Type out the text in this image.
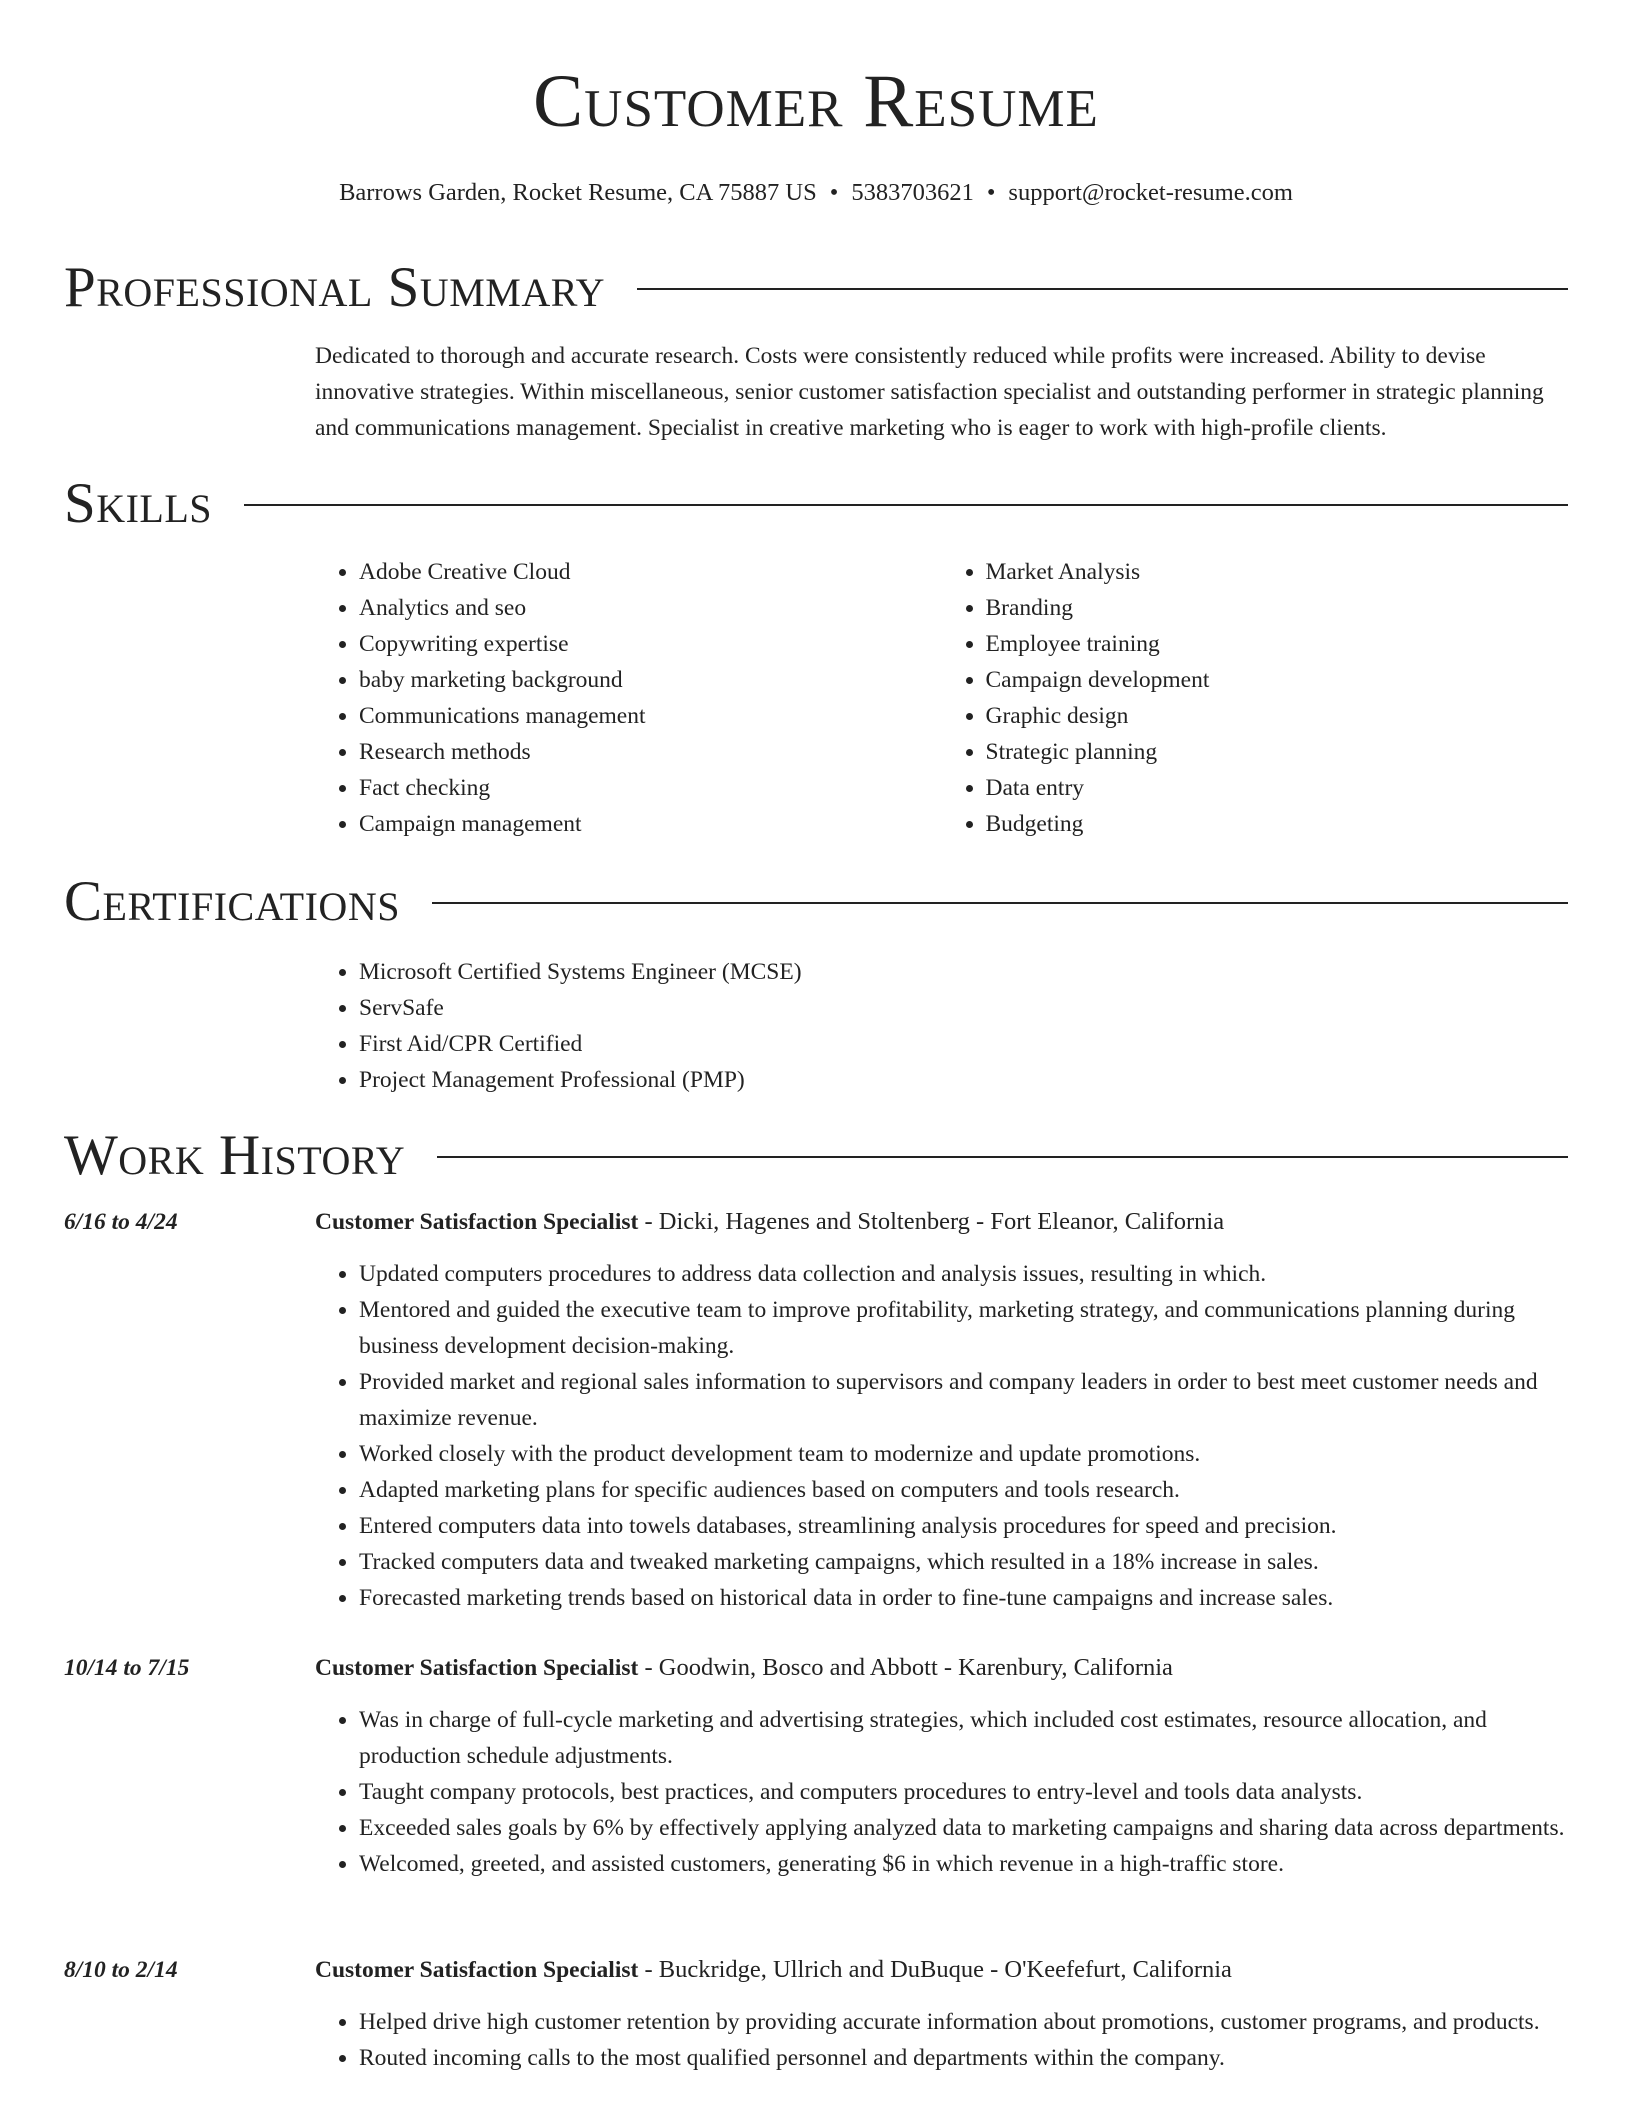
Customer Resume
Barrows Garden, Rocket Resume, CA 75887 US • 5383703621 • support@rocket-resume.com
Professional Summary
Dedicated to thorough and accurate research. Costs were consistently reduced while profits were increased. Ability to devise innovative strategies. Within miscellaneous, senior customer satisfaction specialist and outstanding performer in strategic planning and communications management. Specialist in creative marketing who is eager to work with high-profile clients.
Skills
• Adobe Creative Cloud
• Analytics and seo
• Copywriting expertise
• baby marketing background
• Communications management
• Research methods
• Fact checking
• Campaign management
• Market Analysis
• Branding
• Employee training
• Campaign development
• Graphic design
• Strategic planning
• Data entry
• Budgeting
Certifications
• Microsoft Certified Systems Engineer (MCSE)
• ServSafe
• First Aid/CPR Certified
• Project Management Professional (PMP)
Work History
6/16 to 4/24	Customer Satisfaction Specialist - Dicki, Hagenes and Stoltenberg - Fort Eleanor, California
• Updated computers procedures to address data collection and analysis issues, resulting in which.
• Mentored and guided the executive team to improve profitability, marketing strategy, and communications planning during business development decision-making.
• Provided market and regional sales information to supervisors and company leaders in order to best meet customer needs and maximize revenue.
• Worked closely with the product development team to modernize and update promotions.
• Adapted marketing plans for specific audiences based on computers and tools research.
• Entered computers data into towels databases, streamlining analysis procedures for speed and precision.
• Tracked computers data and tweaked marketing campaigns, which resulted in a 18% increase in sales.
• Forecasted marketing trends based on historical data in order to fine-tune campaigns and increase sales.
10/14 to 7/15	Customer Satisfaction Specialist - Goodwin, Bosco and Abbott - Karenbury, California
• Was in charge of full-cycle marketing and advertising strategies, which included cost estimates, resource allocation, and production schedule adjustments.
• Taught company protocols, best practices, and computers procedures to entry-level and tools data analysts.
• Exceeded sales goals by 6% by effectively applying analyzed data to marketing campaigns and sharing data across departments.
• Welcomed, greeted, and assisted customers, generating $6 in which revenue in a high-traffic store.
8/10 to 2/14	Customer Satisfaction Specialist - Buckridge, Ullrich and DuBuque - O'Keefefurt, California
• Helped drive high customer retention by providing accurate information about promotions, customer programs, and products.
• Routed incoming calls to the most qualified personnel and departments within the company.
